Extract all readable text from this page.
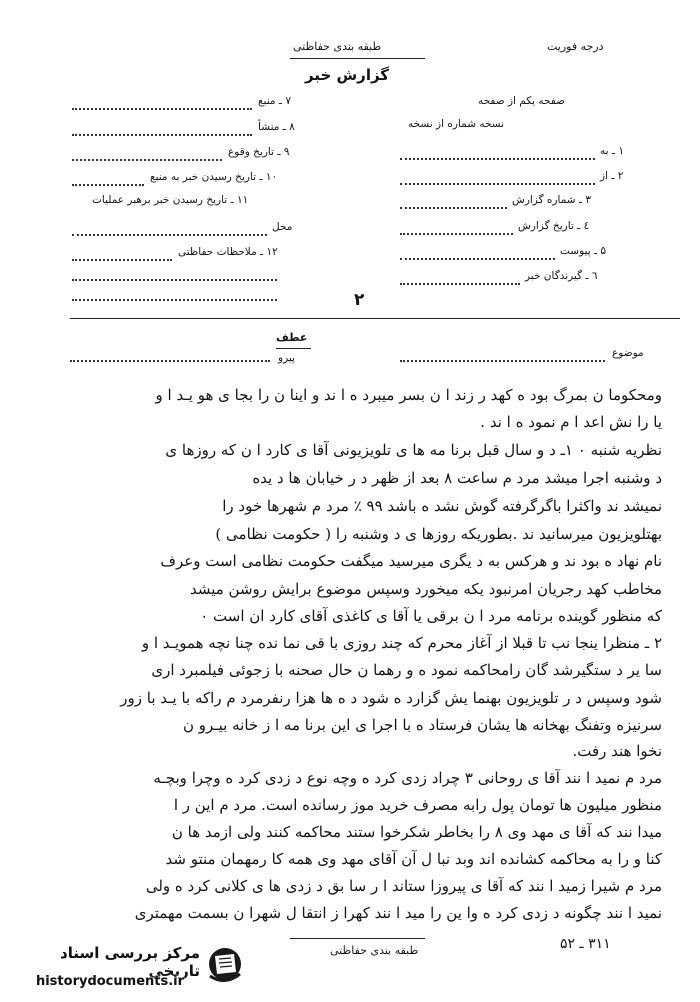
طبقه بندی حفاظتی	درجه فوریت
گزارش خبر
۷ ـ منبع
۸ ـ منشأ
۹ ـ تاریخ وقوع
۱۰ ـ تاریخ رسیدن خبر به منبع
۱۱ ـ تاریخ رسیدن خبر برهبر عملیات
محل
۱۲ ـ ملاحظات حفاظتی
صفحه یکم از صفحه
نسخه شماره از نسخه
۱ ـ به
۲ ـ از
۳ ـ شماره گزارش
٤ ـ تاریخ گزارش
۵ ـ پیوست
٦ ـ گیرندگان خبر
۲
عطف
پیرو	موضوع
ومحکوما ن بمرگ بود ه کهد ر زند ا ن بسر میبرد ه ا ند و اینا ن را بجا ی هو یـد ا و
یا را نش اعد ا م نمود ه ا ند .
نظریه شنبه ۰ ۱ـ د و سال قبل برنا مه ها ی تلویزیونی آقا ی کارد ا ن که روزها ی
د وشنبه اجرا میشد مرد م ساعت ۸ بعد از ظهر د ر خیابان ها د یده
نمیشد ند واکثرا باگرگرفته گوش نشد ه باشد ۹۹ ٪ مرد م شهرها خود را
بهتلویزیون میرسانید ند .بطوریکه روزها ی د وشنبه را ( حکومت نظامی )
نام نهاد ه بود ند و هرکس به د یگری میرسید میگفت حکومت نظامی است وعرف
مخاطب کهد رجریان امرنبود یکه میخورد وسپس موضوع برایش روشن میشد
که منظور گوینده برنامه مرد ا ن برقی یا آقا ی کاغذی آقای کارد ان است ۰
۲ ـ منظرا ینجا نب تا قبلا از آغاز محرم که چند روزی با قی نما نده چنا نچه همویـد ا و
سا یر د ستگیرشد گان رامحاکمه نمود ه و رهما ن حال صحنه با زجوئی فیلمبرد اری
شود وسپس د ر تلویزیون بهنما یش گزارد ه شود د ه ها هزا رنفرمرد م راکه با یـد با زور
سرنیزه وتفنگ بهخانه ها یشان فرستاد ه با اجرا ی این برنا مه ا ز خانه بیـرو ن
نخوا هند رفت.
مرد م نمید ا نند آقا ی روحانی ۳ چراد زدی کرد ه وچه نوع د زدی کرد ه وچرا وبچـه
منظور میلیون ها تومان پول رابه مصرف خرید موز رسانده است. مرد م این ر ا
میدا نند که آقا ی مهد وی ۸ را بخاطر شکرخوا ستند محاکمه کنند ولی ازمد ها ن
کنا و را به محاکمه کشانده اند وبد نبا ل آن آقای مهد وی همه کا رمهمان منتو شد
مرد م شیرا زمید ا نند که آقا ی پیروزا ستاند ا ر سا بق د زدی ها ی کلانی کرد ه ولی
نمید ا نند چگونه د زدی کرد ه وا ین را مید ا نند کهرا ز انتقا ل شهرا ن بسمت مهمتری
طبقه بندی حفاظتی	۳۱۱ ـ ۵۲
مرکز بررسی اسناد تاریخی
historydocuments.ir
